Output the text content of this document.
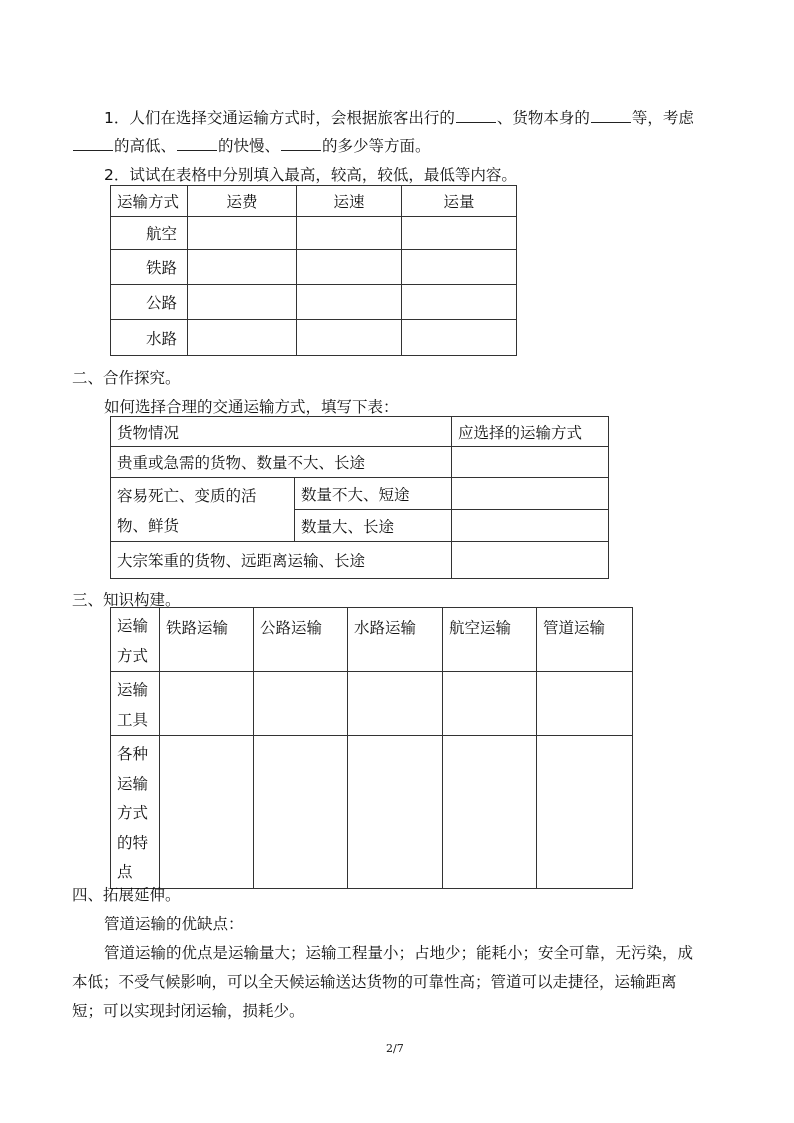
1．人们在选择交通运输方式时，会根据旅客出行的	、货物本身的	等，考虑
的高低、	的快慢、	的多少等方面。
2．试试在表格中分别填入最高，较高，较低，最低等内容。
运输方式	运费	运速	运量
航空			
铁路			
公路			
水路			
二、合作探究。
如何选择合理的交通运输方式，填写下表：
货物情况		应选择的运输方式
贵重或急需的货物、数量不大、长途		

容易死亡、变质的活
物、鲜货	数量不大、短途	
	数量大、长途	
大宗笨重的货物、远距离运输、长途		
三、知识构建。
运输
方式	铁路运输	公路运输	水路运输	航空运输	管道运输

运输
工具					

各种
运输
方式
的特
点					

四、拓展延伸。
管道运输的优缺点：
管道运输的优点是运输量大；运输工程量小；占地少；能耗小；安全可靠，无污染，成
本低；不受气候影响，可以全天候运输送达货物的可靠性高；管道可以走捷径，运输距离
短；可以实现封闭运输，损耗少。
2/7
